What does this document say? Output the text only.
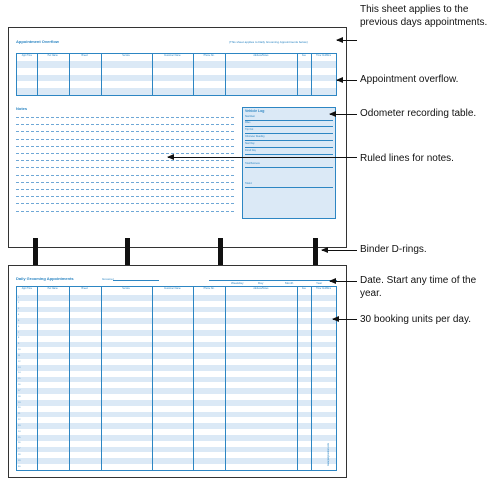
Appointment Overflow	(This sheet applies to Daily Grooming Appointments below)
Appt Time	Pet Name	Breed	Service	Customer Name	Phone No.	Address/Notes	Fee	Time Out/Mins
Notes	Vehicle Log
Start/dest
Miles
Trip Out
Odometer Reading
Start Day
Finish Day
Total Business
Total A
Daily Grooming Appointments	Groomer
Weekday	Day	Month	Year
Appt Time	Pet Name	Breed	Service	Customer Name	Phone No.	Address/Notes	Fee	Time Out/Mins
1
2
3
4
5
6
7
8
9
10
11
12
13
14
15
16
17
18
19
20
21
22
23
24
25
26
27
28
29
30
www.petgroomer.com
This sheet applies to the previous days appointments.
Appointment overflow.
Odometer recording table.
Ruled lines for notes.
Binder D-rings.
Date. Start any time of the year.
30 booking units per day.
